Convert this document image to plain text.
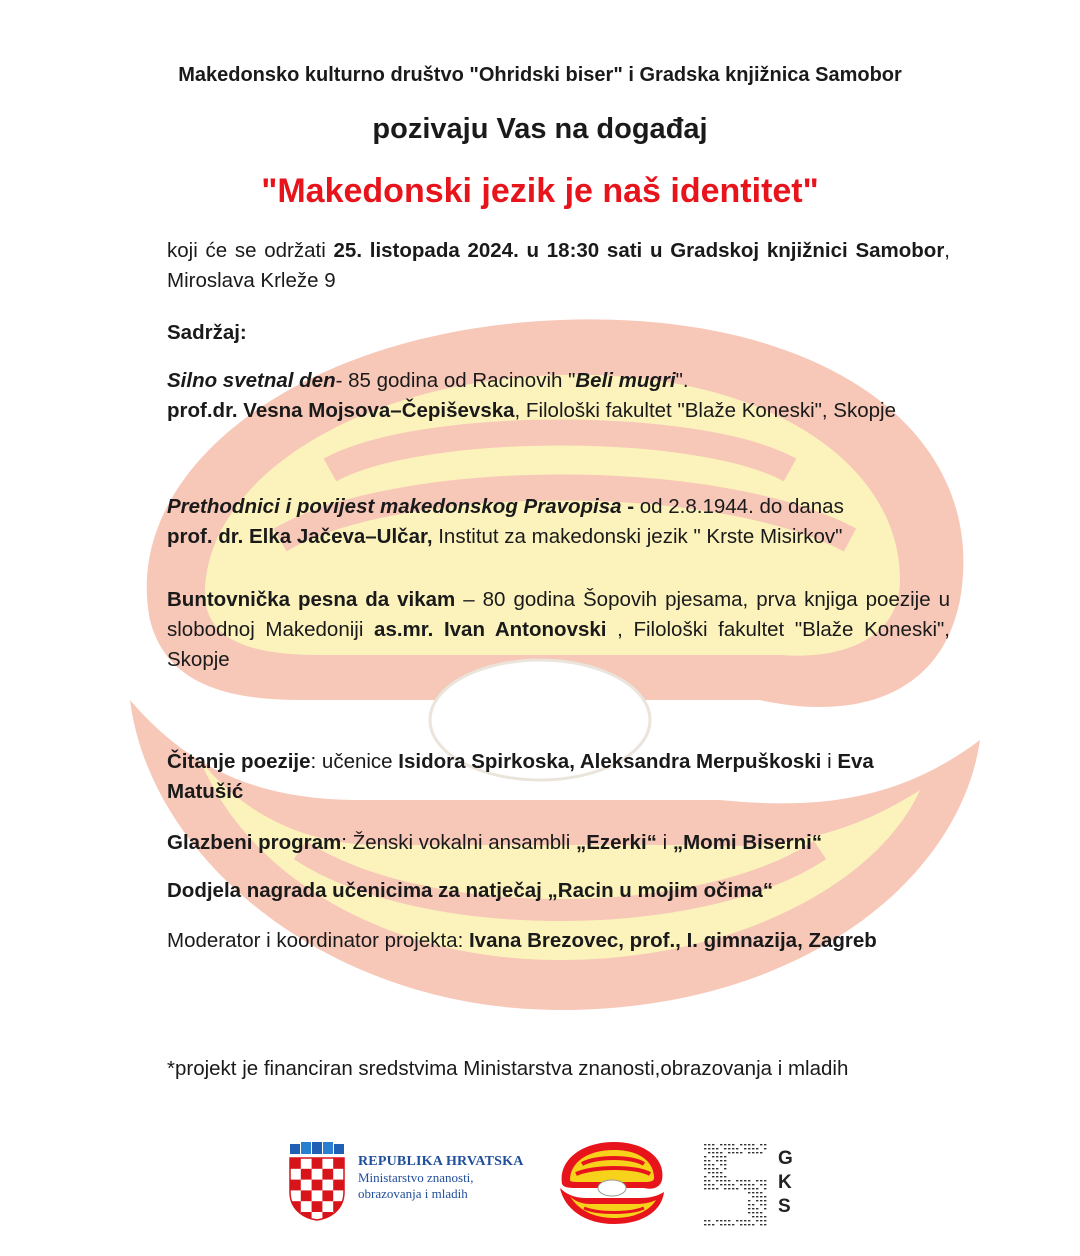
Makedonsko kulturno društvo "Ohridski biser" i Gradska knjižnica Samobor
pozivaju Vas na događaj
"Makedonski jezik je naš identitet"
koji će se održati 25. listopada 2024. u 18:30 sati u Gradskoj knjižnici Samobor, Miroslava Krleže 9
Sadržaj:
Silno svetnal den- 85 godina od Racinovih "Beli mugri".
prof.dr. Vesna Mojsova–Čepiševska, Filološki fakultet "Blaže Koneski", Skopje
Prethodnici i povijest makedonskog Pravopisa - od 2.8.1944. do danas
prof. dr. Elka Jačeva–Ulčar, Institut za makedonski jezik " Krste Misirkov"
Buntovnička pesna da vikam – 80 godina Šopovih pjesama, prva knjiga poezije u slobodnoj Makedoniji as.mr. Ivan Antonovski , Filološki fakultet "Blaže Koneski", Skopje
Čitanje poezije: učenice Isidora Spirkoska, Aleksandra Merpuškoski i Eva Matušić
Glazbeni program: Ženski vokalni ansambli „Ezerki“ i „Momi Biserni“
Dodjela nagrada učenicima za natječaj „Racin u mojim očima“
Moderator i koordinator projekta: Ivana Brezovec, prof., I. gimnazija, Zagreb
*projekt je financiran sredstvima Ministarstva znanosti,obrazovanja i mladih
REPUBLIKA HRVATSKA
Ministarstvo znanosti,
obrazovanja i mladih
G
K
S
